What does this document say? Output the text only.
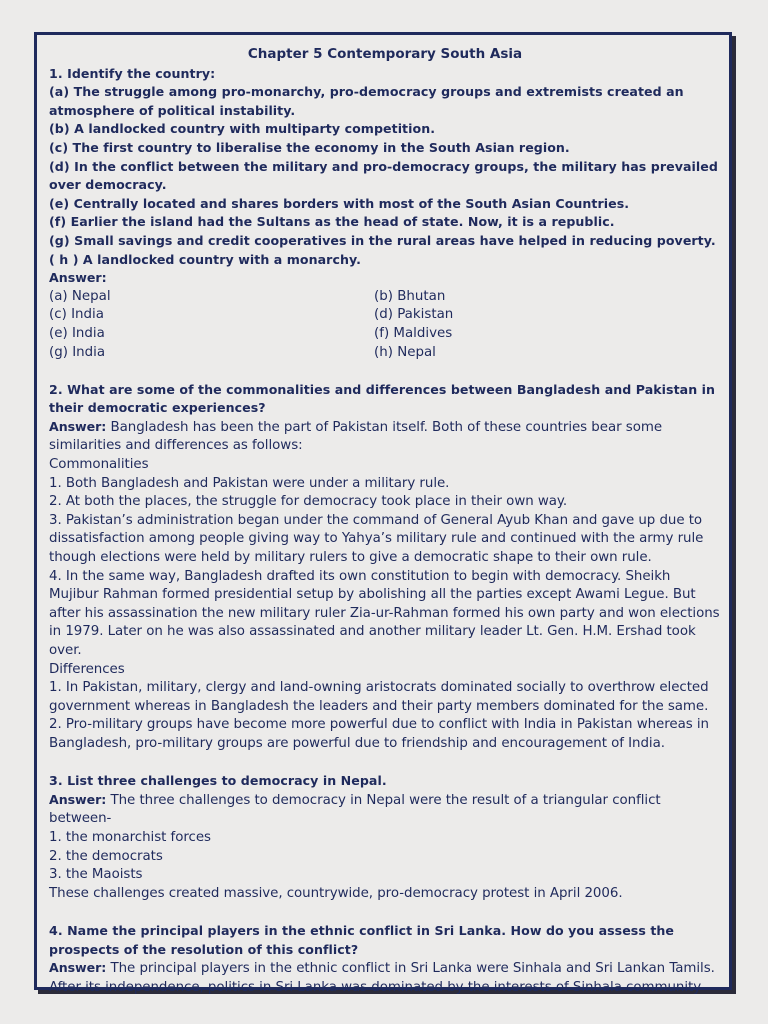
Chapter 5 Contemporary South Asia

1. Identify the country:

(a) The struggle among pro-monarchy, pro-democracy groups and extremists created an atmosphere of political instability.

(b) A landlocked country with multiparty competition.

(c) The first country to liberalise the economy in the South Asian region.

(d) In the conflict between the military and pro-democracy groups, the military has prevailed over democracy.

(e) Centrally located and shares borders with most of the South Asian Countries.

(f) Earlier the island had the Sultans as the head of state. Now, it is a republic.

(g) Small savings and credit cooperatives in the rural areas have helped in reducing poverty.

( h ) A landlocked country with a monarchy.

Answer:

(a) Nepal	(b) Bhutan
(c) India	(d) Pakistan
(e) India	(f) Maldives
(g) India	(h) Nepal

2. What are some of the commonalities and differences between Bangladesh and Pakistan in their democratic experiences?

Answer: Bangladesh has been the part of Pakistan itself. Both of these countries bear some similarities and differences as follows:

Commonalities

1. Both Bangladesh and Pakistan were under a military rule.

2. At both the places, the struggle for democracy took place in their own way.

3. Pakistan’s administration began under the command of General Ayub Khan and gave up due to dissatisfaction among people giving way to Yahya’s military rule and continued with the army rule though elections were held by military rulers to give a democratic shape to their own rule.

4. In the same way, Bangladesh drafted its own constitution to begin with democracy. Sheikh Mujibur Rahman formed presidential setup by abolishing all the parties except Awami Legue. But after his assassination the new military ruler Zia-ur-Rahman formed his own party and won elections in 1979. Later on he was also assassinated and another military leader Lt. Gen. H.M. Ershad took over.

Differences

1. In Pakistan, military, clergy and land-owning aristocrats dominated socially to overthrow elected government whereas in Bangladesh the leaders and their party members dominated for the same.

2. Pro-military groups have become more powerful due to conflict with India in Pakistan whereas in Bangladesh, pro-military groups are powerful due to friendship and encouragement of India.

3. List three challenges to democracy in Nepal.

Answer: The three challenges to democracy in Nepal were the result of a triangular conflict between-

1. the monarchist forces

2. the democrats

3. the Maoists

These challenges created massive, countrywide, pro-democracy protest in April 2006.

4. Name the principal players in the ethnic conflict in Sri Lanka. How do you assess the prospects of the resolution of this conflict?

Answer: The principal players in the ethnic conflict in Sri Lanka were Sinhala and Sri Lankan Tamils. After its independence, politics in Sri Lanka was dominated by the interests of Sinhala community
